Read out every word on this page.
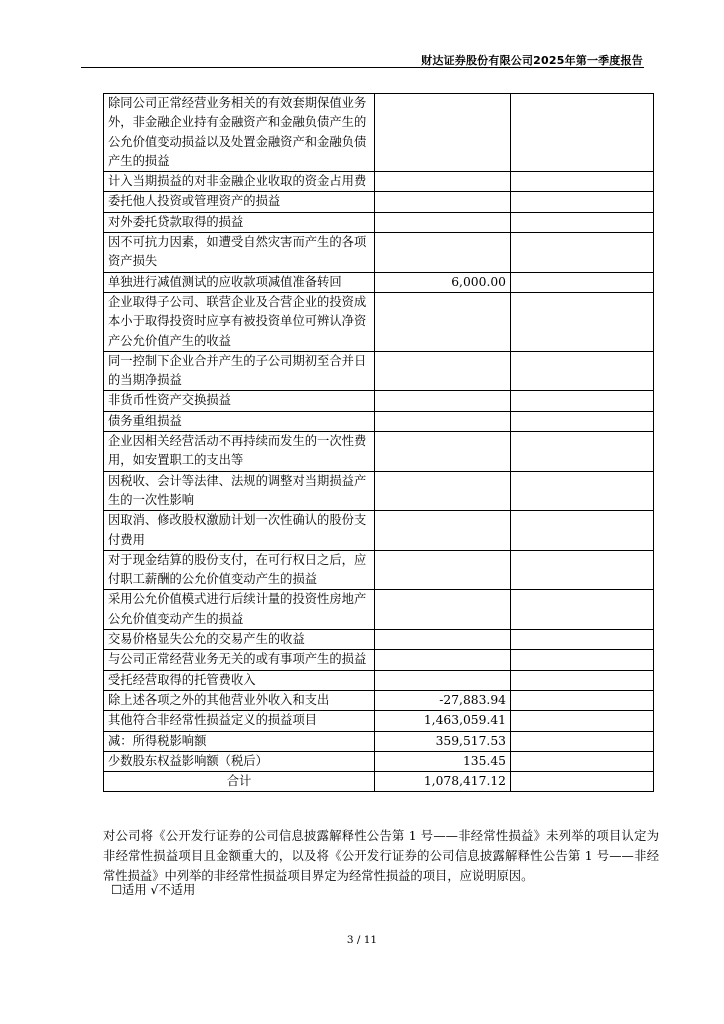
财达证券股份有限公司2025年第一季度报告
除同公司正常经营业务相关的有效套期保值业务外，非金融企业持有金融资产和金融负债产生的公允价值变动损益以及处置金融资产和金融负债产生的损益		
计入当期损益的对非金融企业收取的资金占用费		
委托他人投资或管理资产的损益		
对外委托贷款取得的损益		
因不可抗力因素，如遭受自然灾害而产生的各项资产损失		
单独进行减值测试的应收款项减值准备转回	6,000.00	
企业取得子公司、联营企业及合营企业的投资成本小于取得投资时应享有被投资单位可辨认净资产公允价值产生的收益		
同一控制下企业合并产生的子公司期初至合并日的当期净损益		
非货币性资产交换损益		
债务重组损益		
企业因相关经营活动不再持续而发生的一次性费用，如安置职工的支出等		
因税收、会计等法律、法规的调整对当期损益产生的一次性影响		
因取消、修改股权激励计划一次性确认的股份支付费用		
对于现金结算的股份支付，在可行权日之后，应付职工薪酬的公允价值变动产生的损益		
采用公允价值模式进行后续计量的投资性房地产公允价值变动产生的损益		
交易价格显失公允的交易产生的收益		
与公司正常经营业务无关的或有事项产生的损益		
受托经营取得的托管费收入		
除上述各项之外的其他营业外收入和支出	-27,883.94	
其他符合非经常性损益定义的损益项目	1,463,059.41	
减：所得税影响额	359,517.53	
少数股东权益影响额（税后）	135.45	
合计	1,078,417.12	
对公司将《公开发行证券的公司信息披露解释性公告第 1 号——非经常性损益》未列举的项目认定为非经常性损益项目且金额重大的，以及将《公开发行证券的公司信息披露解释性公告第 1 号——非经常性损益》中列举的非经常性损益项目界定为经常性损益的项目，应说明原因。
☐适用 √不适用
3 / 11
